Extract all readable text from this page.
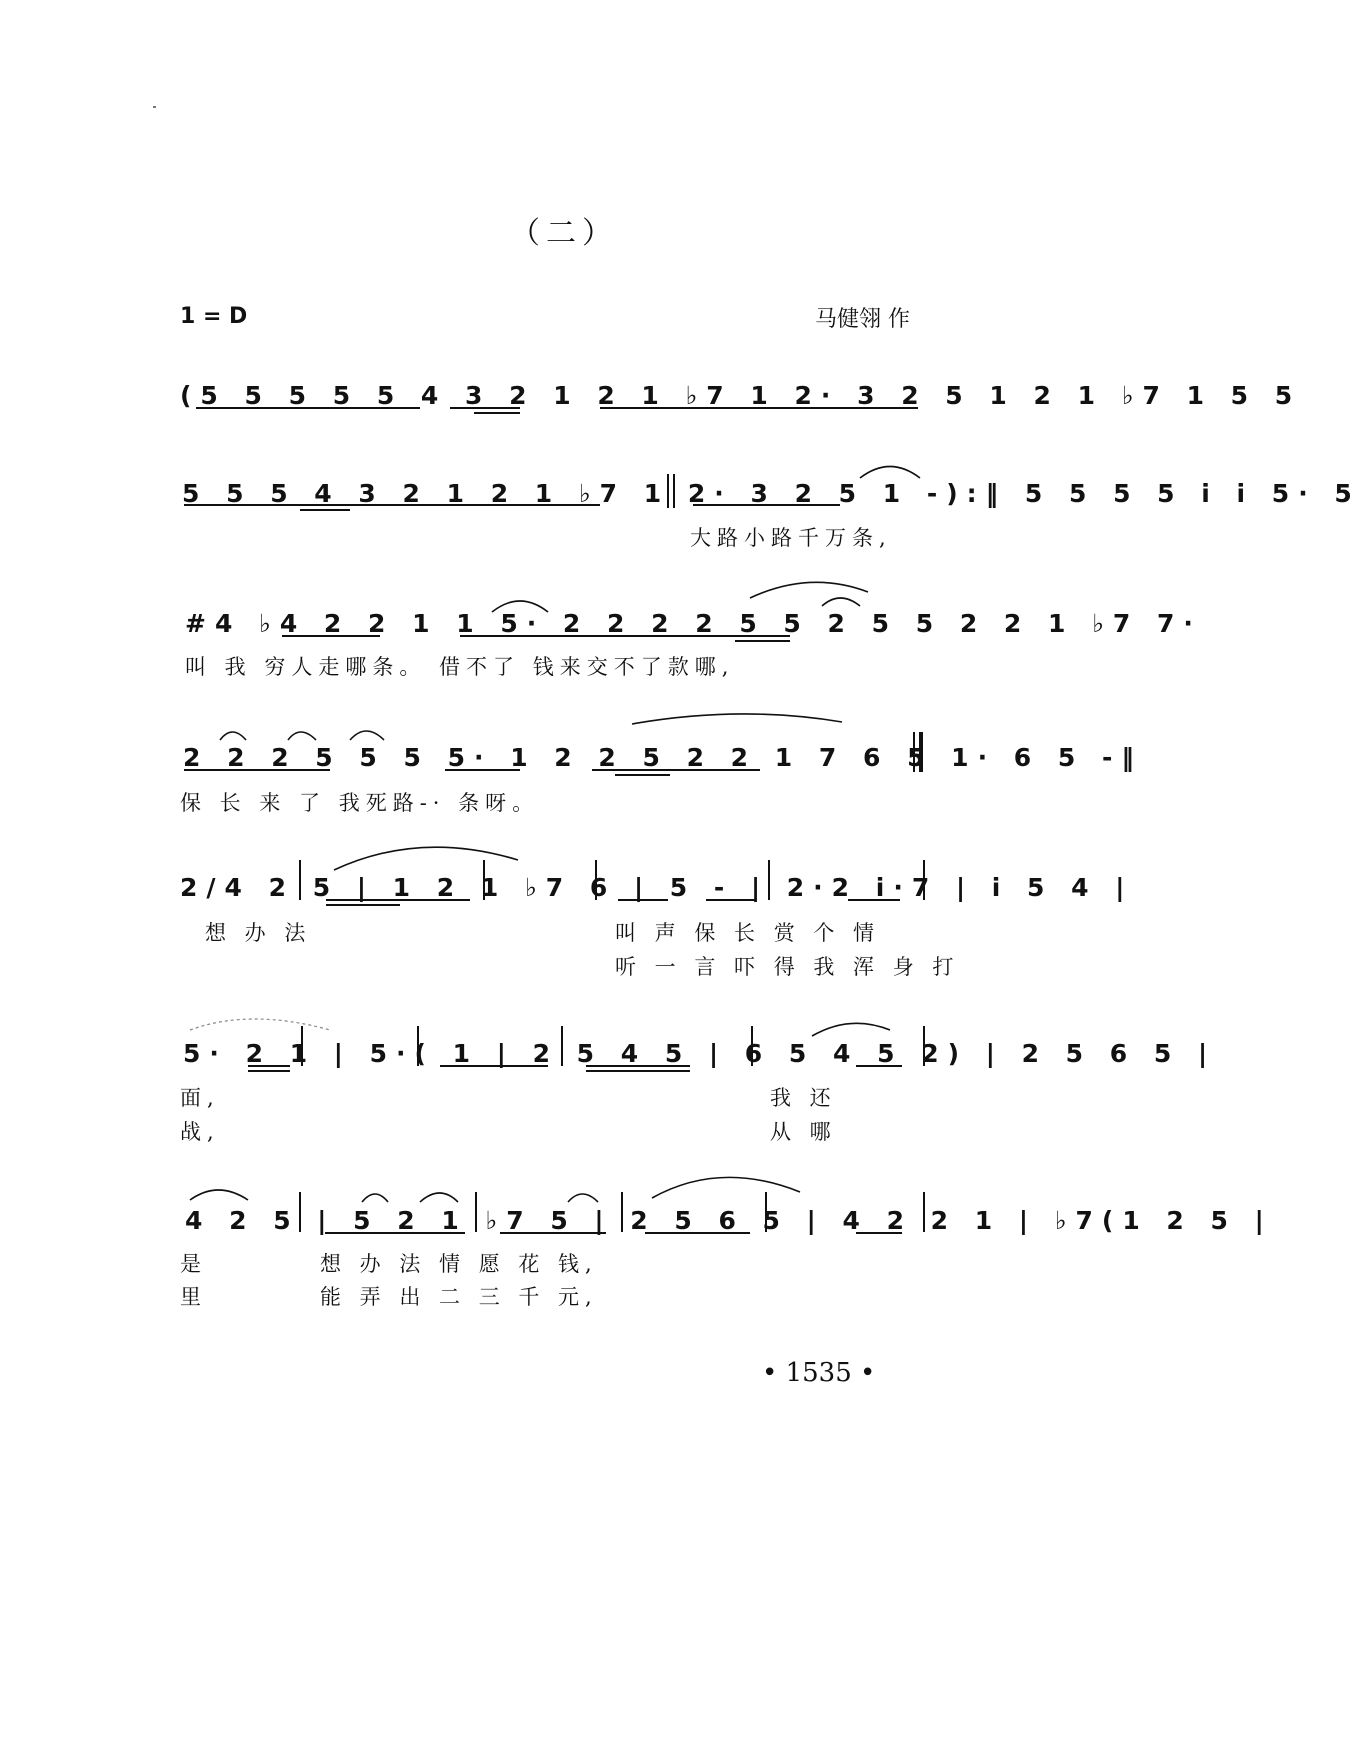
（二）
1 = D	马健翎 作
(5 5 5 5 5 4 3 2 1 2 1 ♭7 1 2· 3 2 5 1 2 1 ♭7 1 5 5
5 5 5 4 3 2 1 2 1 ♭7 1 2· 3 2 5 1 -):‖ 5 5 5 5 i i 5· 5
大路小路千万条,
#4 ♭4 2 2 1 1 5· 2 2 2 2 5 5 2 5 5 2 2 1 ♭7 7·
叫 我 穷人走哪条。 借不了 钱来交不了款哪,
2 2 2 5 5 5 5· 1 2 2 5 2 2 1 7 6 5 1· 6 5 -‖
保 长 来 了 我死路-· 条呀。
2/4 2 5 | 1 2 1 ♭7 6 | 5 - | 2·2 i·7 | i 5 4 |
想 办 法	叫 声 保 长 赏 个 情
听 一 言 吓 得 我 浑 身 打
5· 2 1 | 5·( 1 | 2 5 4 5 | 6 5 4 5 2) | 2 5 6 5 |
面,
战,
我 还
从 哪
4 2 5 | 5 2 1 ♭7 5 | 2 5 6 5 | 4 2 2 1 | ♭7(1 2 5 |
是
里
想 办 法 情 愿 花 钱,
能 弄 出 二 三 千 元,
• 1535 •
